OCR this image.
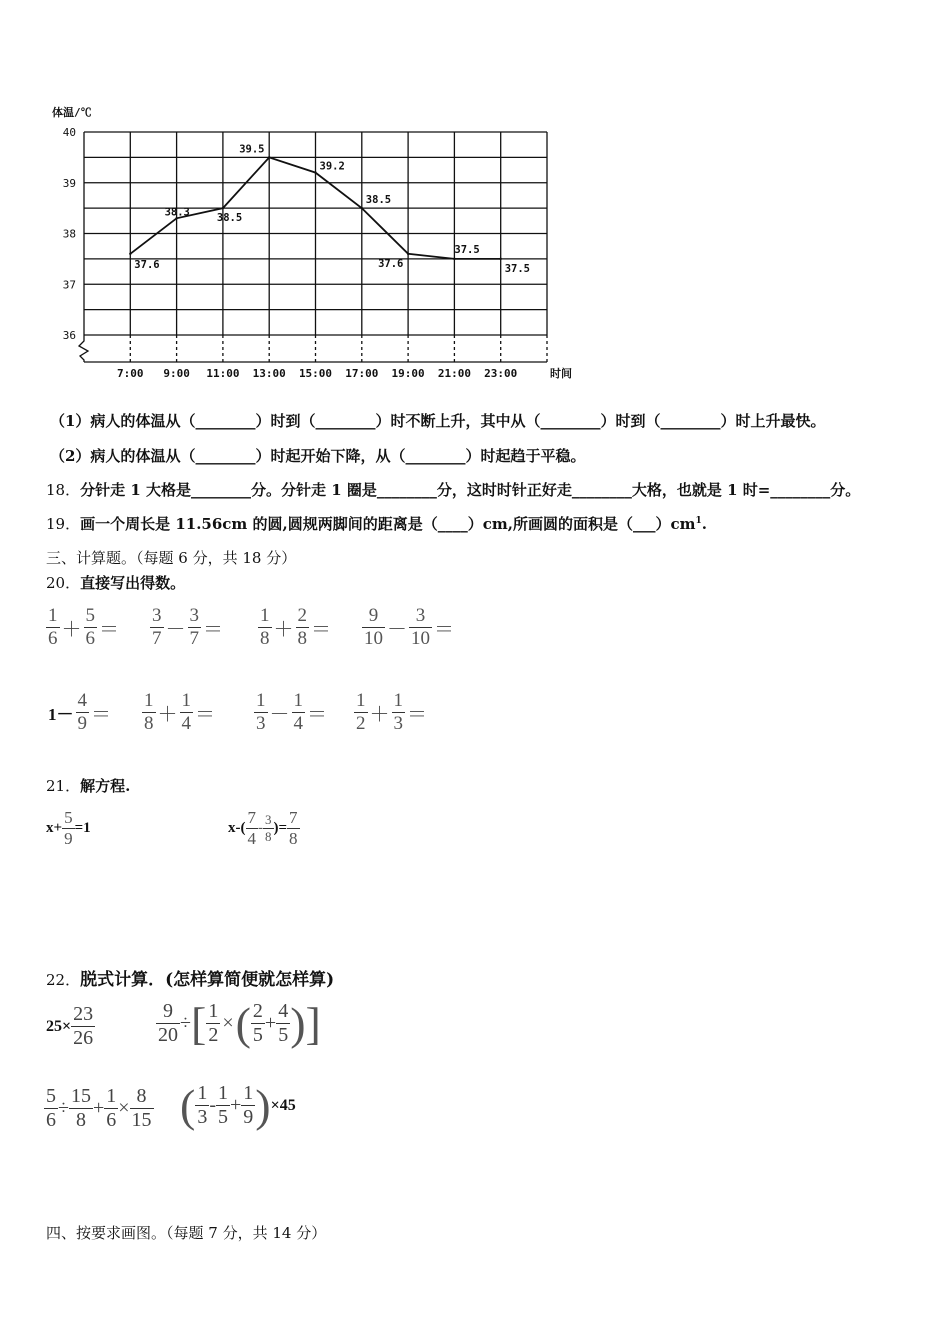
40
39
38
37
36
体温/℃
时间
7:00 9:00 11:00 13:00 15:00 17:00 19:00 21:00 23:00
37.6
38.3	38.5
39.5
39.2
38.5
37.6
37.5
37.5
（1）病人的体温从（________）时到（________）时不断上升，其中从（________）时到（________）时上升最快。
（2）病人的体温从（________）时起开始下降，从（________）时起趋于平稳。
18．分针走 1 大格是________分。分针走 1 圈是________分，这时时针正好走________大格，也就是 1 时=________分。
19．画一个周长是 11.56cm 的圆,圆规两脚间的距离是（____）cm,所画圆的面积是$(\_\_\_)cm^1$.
三、计算题。（每题 6 分，共 18 分）
20．直接写出得数。
$\frac{1}{6} + \frac{5}{6} = \frac{3}{7} - \frac{3}{7} = \frac{1}{8} + \frac{2}{8} = \frac{9}{10} - \frac{3}{10}$ ＝
$1- \frac{4}{9} = \frac{1}{8} + \frac{1}{4} = \frac{1}{3} - \frac{1}{4} = \frac{1}{2} + \frac{1}{3}$ ＝
21．解方程.
$x+ \frac{5}{9} =1$	$x-( \frac{7}{4} - \frac{3}{8}$ )= $\frac{7}{8}$
22．脱式计算．(怎样算简便就怎样算)
$25\times \frac{23}{26}$	$\frac{9}{20}$ ÷[ $\frac{1}{2}$ ×( $\frac{2}{5} + \frac{4}{5}$ )]
$\frac{5}{6} \div \frac{15}{8} + \frac{1}{6} \times \frac{8}{15}$ ( $\frac{1}{3} - \frac{1}{5} + \frac{1}{9} )\times 45$
四、按要求画图。（每题 7 分，共 14 分）
